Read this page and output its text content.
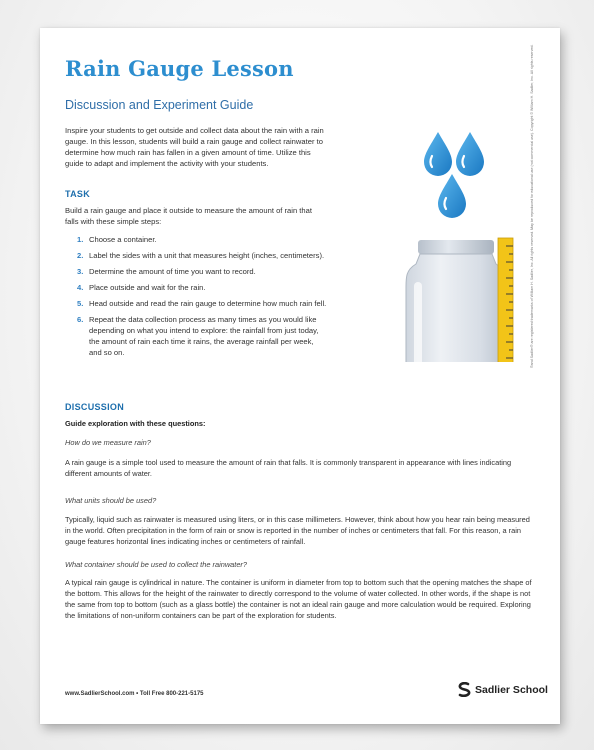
Rain Gauge Lesson
Discussion and Experiment Guide
Inspire your students to get outside and collect data about the rain with a rain gauge. In this lesson, students will build a rain gauge and collect rainwater to determine how much rain has fallen in a given amount of time. Utilize this guide to adapt and implement the activity with your students.
TASK
Build a rain gauge and place it outside to measure the amount of rain that falls with these simple steps:
1. Choose a container.
2. Label the sides with a unit that measures height (inches, centimeters).
3. Determine the amount of time you want to record.
4. Place outside and wait for the rain.
5. Head outside and read the rain gauge to determine how much rain fell.
6. Repeat the data collection process as many times as you would like depending on what you intend to explore: the rainfall from just today, the amount of rain each time it rains, the average rainfall per week, and so on.
DISCUSSION
Guide exploration with these questions:
How do we measure rain?
A rain gauge is a simple tool used to measure the amount of rain that falls. It is commonly transparent in appearance with lines indicating different amounts of water.
What units should be used?
Typically, liquid such as rainwater is measured using liters, or in this case millimeters. However, think about how you hear rain being measured in the world. Often precipitation in the form of rain or snow is reported in the number of inches or centimeters that fall. For this reason, a rain gauge features horizontal lines indicating inches or centimeters of rainfall.
What container should be used to collect the rainwater?
A typical rain gauge is cylindrical in nature. The container is uniform in diameter from top to bottom such that the opening matches the shape of the bottom. This allows for the height of the rainwater to directly correspond to the volume of water collected. In other words, if the shape is not the same from top to bottom (such as a glass bottle) the container is not an ideal rain gauge and more calculation would be required. Exploring the limitations of non-uniform containers can be part of the exploration for students.
www.SadlierSchool.com • Toll Free 800-221-5175	Sadlier School
®and Sadlier® are registered trademarks of William H. Sadlier, Inc. All rights reserved. May be reproduced for educational use (not commercial use). Copyright © William H. Sadlier, Inc. All rights reserved.
